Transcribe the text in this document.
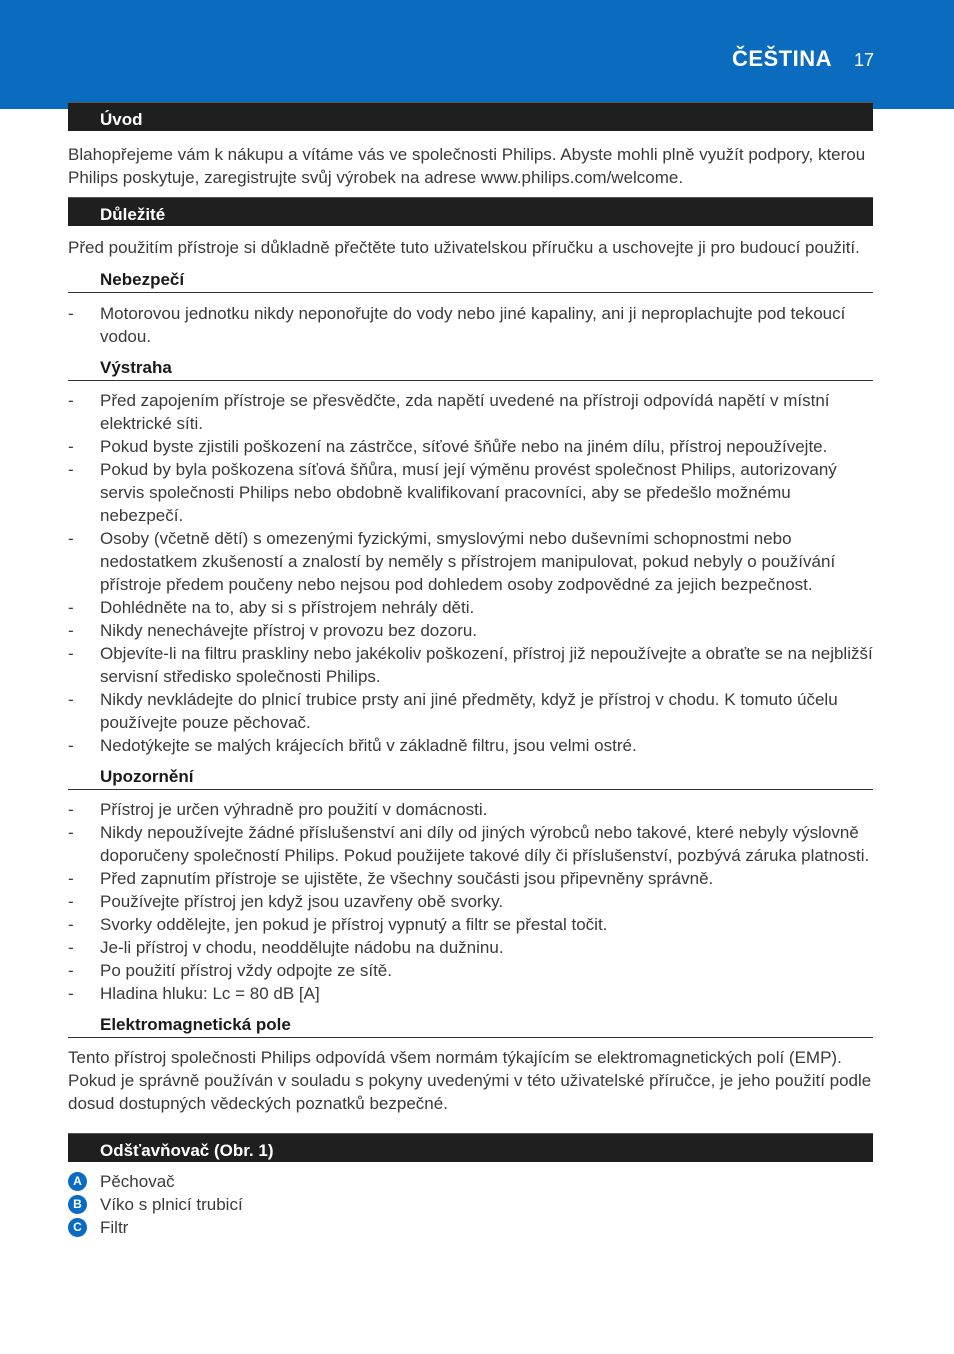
ČEŠTINA 17
Úvod

Blahopřejeme vám k nákupu a vítáme vás ve společnosti Philips. Abyste mohli plně využít podpory, kterou Philips poskytuje, zaregistrujte svůj výrobek na adrese www.philips.com/welcome.

Důležité

Před použitím přístroje si důkladně přečtěte tuto uživatelskou příručku a uschovejte ji pro budoucí použití.

Nebezpečí
- Motorovou jednotku nikdy neponořujte do vody nebo jiné kapaliny, ani ji neproplachujte pod tekoucí vodou.
Výstraha
- Před zapojením přístroje se přesvědčte, zda napětí uvedené na přístroji odpovídá napětí v místní elektrické síti.
- Pokud byste zjistili poškození na zástrčce, síťové šňůře nebo na jiném dílu, přístroj nepoužívejte.
- Pokud by byla poškozena síťová šňůra, musí její výměnu provést společnost Philips, autorizovaný servis společnosti Philips nebo obdobně kvalifikovaní pracovníci, aby se předešlo možnému nebezpečí.
- Osoby (včetně dětí) s omezenými fyzickými, smyslovými nebo duševními schopnostmi nebo nedostatkem zkušeností a znalostí by neměly s přístrojem manipulovat, pokud nebyly o používání přístroje předem poučeny nebo nejsou pod dohledem osoby zodpovědné za jejich bezpečnost.
- Dohlédněte na to, aby si s přístrojem nehrály děti.
- Nikdy nenechávejte přístroj v provozu bez dozoru.
- Objevíte-li na filtru praskliny nebo jakékoliv poškození, přístroj již nepoužívejte a obraťte se na nejbližší servisní středisko společnosti Philips.
- Nikdy nevkládejte do plnicí trubice prsty ani jiné předměty, když je přístroj v chodu. K tomuto účelu používejte pouze pěchovač.
- Nedotýkejte se malých krájecích břitů v základně filtru, jsou velmi ostré.
Upozornění
- Přístroj je určen výhradně pro použití v domácnosti.
- Nikdy nepoužívejte žádné příslušenství ani díly od jiných výrobců nebo takové, které nebyly výslovně doporučeny společností Philips. Pokud použijete takové díly či příslušenství, pozbývá záruka platnosti.
- Před zapnutím přístroje se ujistěte, že všechny součásti jsou připevněny správně.
- Používejte přístroj jen když jsou uzavřeny obě svorky.
- Svorky oddělejte, jen pokud je přístroj vypnutý a filtr se přestal točit.
- Je-li přístroj v chodu, neoddělujte nádobu na dužninu.
- Po použití přístroj vždy odpojte ze sítě.
- Hladina hluku: Lc = 80 dB [A]
Elektromagnetická pole

Tento přístroj společnosti Philips odpovídá všem normám týkajícím se elektromagnetických polí (EMP). Pokud je správně používán v souladu s pokyny uvedenými v této uživatelské příručce, je jeho použití podle dosud dostupných vědeckých poznatků bezpečné.

Odšťavňovač (Obr. 1)
A	Pěchovač
B	Víko s plnicí trubicí
C	Filtr
